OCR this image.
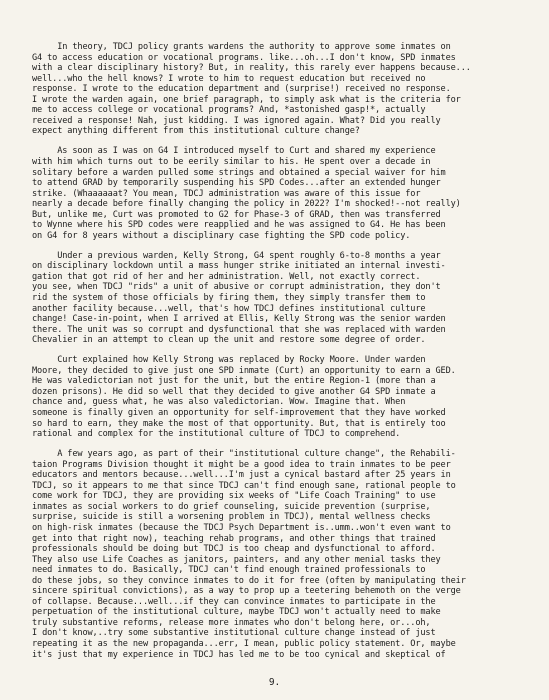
In theory, TDCJ policy grants wardens the authority to approve some inmates on
G4 to access education or vocational programs. like...oh...I don't know, SPD inmates
with a clear disciplinary history? But, in reality, this rarely ever happens because...
well...who the hell knows? I wrote to him to request education but received no
response. I wrote to the education department and (surprise!) received no response.
I wrote the warden again, one brief paragraph, to simply ask what is the criteria for
me to access college or vocational programs? And, *astonished gasp!*, actually
received a response! Nah, just kidding. I was ignored again. What? Did you really
expect anything different from this institutional culture change?
As soon as I was on G4 I introduced myself to Curt and shared my experience
with him which turns out to be eerily similar to his. He spent over a decade in
solitary before a warden pulled some strings and obtained a special waiver for him
to attend GRAD by temporarily suspending his SPD Codes...after an extended hunger
strike. (Whaaaaaat? You mean, TDCJ administration was aware of this issue for
nearly a decade before finally changing the policy in 2022? I'm shocked!--not really)
But, unlike me, Curt was promoted to G2 for Phase-3 of GRAD, then was transferred
to Wynne where his SPD codes were reapplied and he was assigned to G4. He has been
on G4 for 8 years without a disciplinary case fighting the SPD code policy.
Under a previous warden, Kelly Strong, G4 spent roughly 6-to-8 months a year
on disciplinary lockdown until a mass hunger strike initiated an internal investi-
gation that got rid of her and her administration. Well, not exactly correct.
you see, when TDCJ "rids" a unit of abusive or corrupt administration, they don't
rid the system of those officials by firing them, they simply transfer them to
another facility because...well, that's how TDCJ defines institutional culture
change! Case-in-point, when I arrived at Ellis, Kelly Strong was the senior warden
there. The unit was so corrupt and dysfunctional that she was replaced with warden
Chevalier in an attempt to clean up the unit and restore some degree of order.
Curt explained how Kelly Strong was replaced by Rocky Moore. Under warden
Moore, they decided to give just one SPD inmate (Curt) an opportunity to earn a GED.
He was valedictorian not just for the unit, but the entire Region-1 (more than a
dozen prisons). He did so well that they decided to give another G4 SPD inmate a
chance and, guess what, he was also valedictorian. Wow. Imagine that. When
someone is finally given an opportunity for self-improvement that they have worked
so hard to earn, they make the most of that opportunity. But, that is entirely too
rational and complex for the institutional culture of TDCJ to comprehend.
A few years ago, as part of their "institutional culture change", the Rehabili-
taion Programs Division thought it might be a good idea to train inmates to be peer
educators and mentors because...well...I'm just a cynical bastard after 25 years in
TDCJ, so it appears to me that since TDCJ can't find enough sane, rational people to
come work for TDCJ, they are providing six weeks of "Life Coach Training" to use
inmates as social workers to do grief counseling, suicide prevention (surprise,
surprise, suicide is still a worsening problem in TDCJ), mental wellness checks
on high-risk inmates (because the TDCJ Psych Department is..umm..won't even want to
get into that right now), teaching rehab programs, and other things that trained
professionals should be doing but TDCJ is too cheap and dysfunctional to afford.
They also use Life Coaches as janitors, painters, and any other menial tasks they
need inmates to do. Basically, TDCJ can't find enough trained professionals to
do these jobs, so they convince inmates to do it for free (often by manipulating their
sincere spiritual convictions), as a way to prop up a teetering behemoth on the verge
of collapse. Because...well...if they can convince inmates to participate in the
perpetuation of the institutional culture, maybe TDCJ won't actually need to make
truly substantive reforms, release more inmates who don't belong here, or...oh,
I don't know,..try some substantive institutional culture change instead of just
repeating it as the new propaganda...err, I mean, public policy statement. Or, maybe
it's just that my experience in TDCJ has led me to be too cynical and skeptical of
9.
